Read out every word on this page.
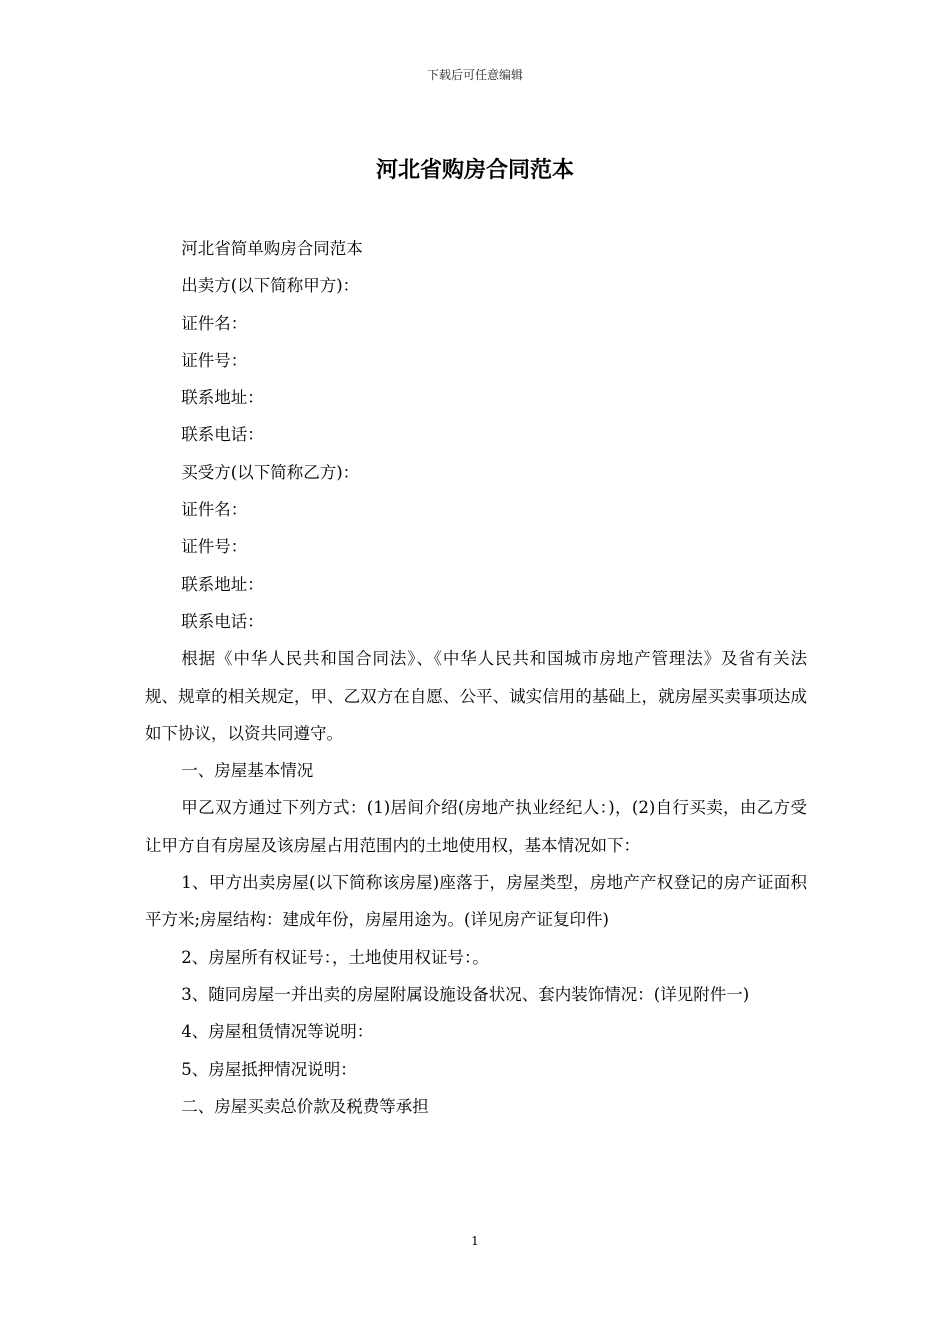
下载后可任意编辑
河北省购房合同范本

河北省简单购房合同范本

出卖方(以下简称甲方)：

证件名：

证件号：

联系地址：

联系电话：

买受方(以下简称乙方)：

证件名：

证件号：

联系地址：

联系电话：

根据《中华人民共和国合同法》、《中华人民共和国城市房地产管理法》及省有关法规、规章的相关规定，甲、乙双方在自愿、公平、诚实信用的基础上，就房屋买卖事项达成如下协议，以资共同遵守。

一、房屋基本情况

甲乙双方通过下列方式：(1)居间介绍(房地产执业经纪人：)，(2)自行买卖，由乙方受让甲方自有房屋及该房屋占用范围内的土地使用权，基本情况如下：

1、甲方出卖房屋(以下简称该房屋)座落于，房屋类型，房地产产权登记的房产证面积平方米;房屋结构：建成年份，房屋用途为。(详见房产证复印件)

2、房屋所有权证号：，土地使用权证号：。

3、随同房屋一并出卖的房屋附属设施设备状况、套内装饰情况：(详见附件一)

4、房屋租赁情况等说明：

5、房屋抵押情况说明：

二、房屋买卖总价款及税费等承担

1
